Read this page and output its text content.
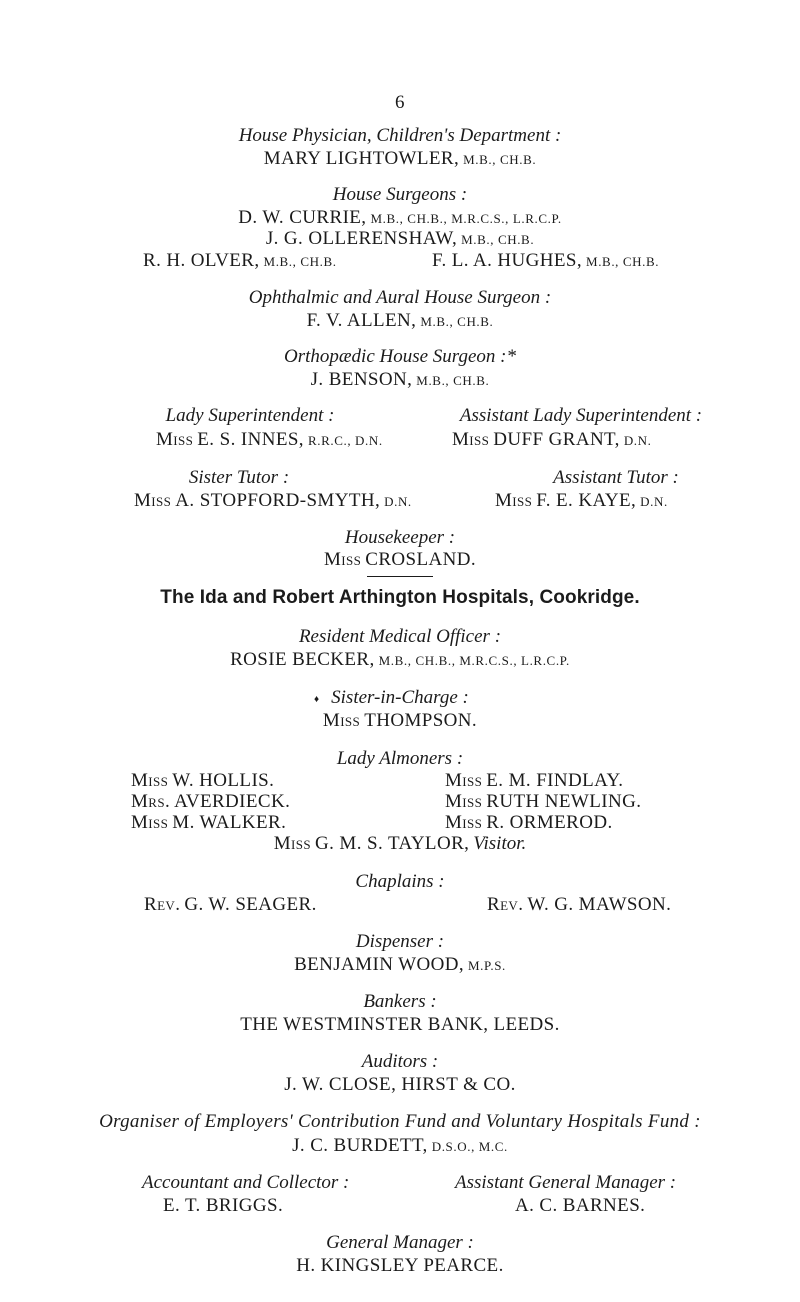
6
House Physician, Children's Department :
MARY LIGHTOWLER, M.B., CH.B.
House Surgeons :
D. W. CURRIE, M.B., CH.B., M.R.C.S., L.R.C.P.
J. G. OLLERENSHAW, M.B., CH.B.
R. H. OLVER, M.B., CH.B.	F. L. A. HUGHES, M.B., CH.B.
Ophthalmic and Aural House Surgeon :
F. V. ALLEN, M.B., CH.B.
Orthopædic House Surgeon :*
J. BENSON, M.B., CH.B.
Lady Superintendent :
Miss E. S. INNES, R.R.C., D.N.
Assistant Lady Superintendent :
Miss DUFF GRANT, D.N.
Sister Tutor :
Miss A. STOPFORD-SMYTH, D.N.
Assistant Tutor :
Miss F. E. KAYE, D.N.
Housekeeper :
Miss CROSLAND.
The Ida and Robert Arthington Hospitals, Cookridge.
Resident Medical Officer :
ROSIE BECKER, M.B., CH.B., M.R.C.S., L.R.C.P.
♦ Sister-in-Charge :
Miss THOMPSON.
Lady Almoners :
Miss W. HOLLIS.
Mrs. AVERDIECK.
Miss M. WALKER.
Miss E. M. FINDLAY.
Miss RUTH NEWLING.
Miss R. ORMEROD.
Miss G. M. S. TAYLOR, Visitor.
Chaplains :
Rev. G. W. SEAGER.	Rev. W. G. MAWSON.
Dispenser :
BENJAMIN WOOD, M.P.S.
Bankers :
THE WESTMINSTER BANK, LEEDS.
Auditors :
J. W. CLOSE, HIRST & CO.
Organiser of Employers' Contribution Fund and Voluntary Hospitals Fund :
J. C. BURDETT, D.S.O., M.C.
Accountant and Collector :
E. T. BRIGGS.
Assistant General Manager :
A. C. BARNES.
General Manager :
H. KINGSLEY PEARCE.
